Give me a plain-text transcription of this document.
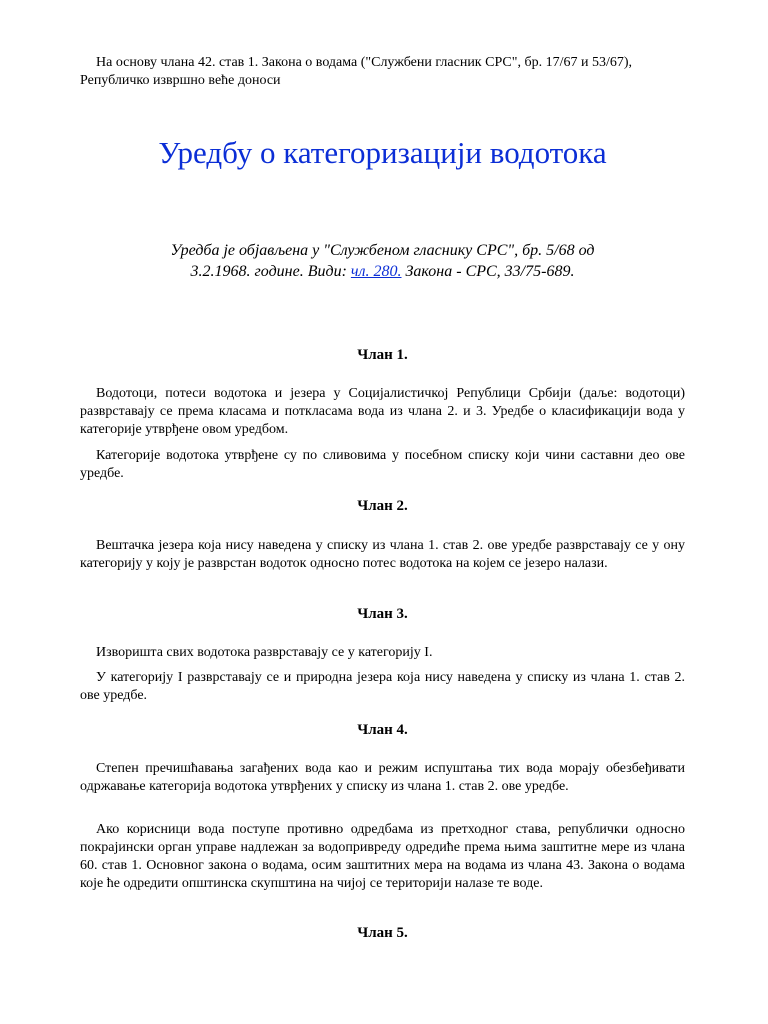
На основу члана 42. став 1. Закона о водама ("Службени гласник СРС", бр. 17/67 и 53/67), Републичко извршно веће доноси

Уредбу о категоризацији водотока

Уредба је објављена у "Службеном гласнику СРС", бр. 5/68 од 3.2.1968. године. Види: чл. 280. Закона - СРС, 33/75-689.

Члан 1.

Водотоци, потеси водотока и језера у Социјалистичкој Републици Србији (даље: водотоци) разврставају се према класама и поткласама вода из члана 2. и 3. Уредбе о класификацији вода у категорије утврђене овом уредбом.

Категорије водотока утврђене су по сливовима у посебном списку који чини саставни део ове уредбе.

Члан 2.

Вештачка језера која нису наведена у списку из члана 1. став 2. ове уредбе разврставају се у ону категорију у коју је разврстан водоток односно потес водотока на којем се језеро налази.

Члан 3.

Изворишта свих водотока разврставају се у категорију I.

У категорију I разврставају се и природна језера која нису наведена у списку из члана 1. став 2. ове уредбе.

Члан 4.

Степен пречишћавања загађених вода као и режим испуштања тих вода морају обезбеђивати одржавање категорија водотока утврђених у списку из члана 1. став 2. ове уредбе.

Ако корисници вода поступе противно одредбама из претходног става, републички односно покрајински орган управе надлежан за водопривреду одредиће према њима заштитне мере из члана 60. став 1. Основног закона о водама, осим заштитних мера на водама из члана 43. Закона о водама које ће одредити општинска скупштина на чијој се територији налазе те воде.

Члан 5.
